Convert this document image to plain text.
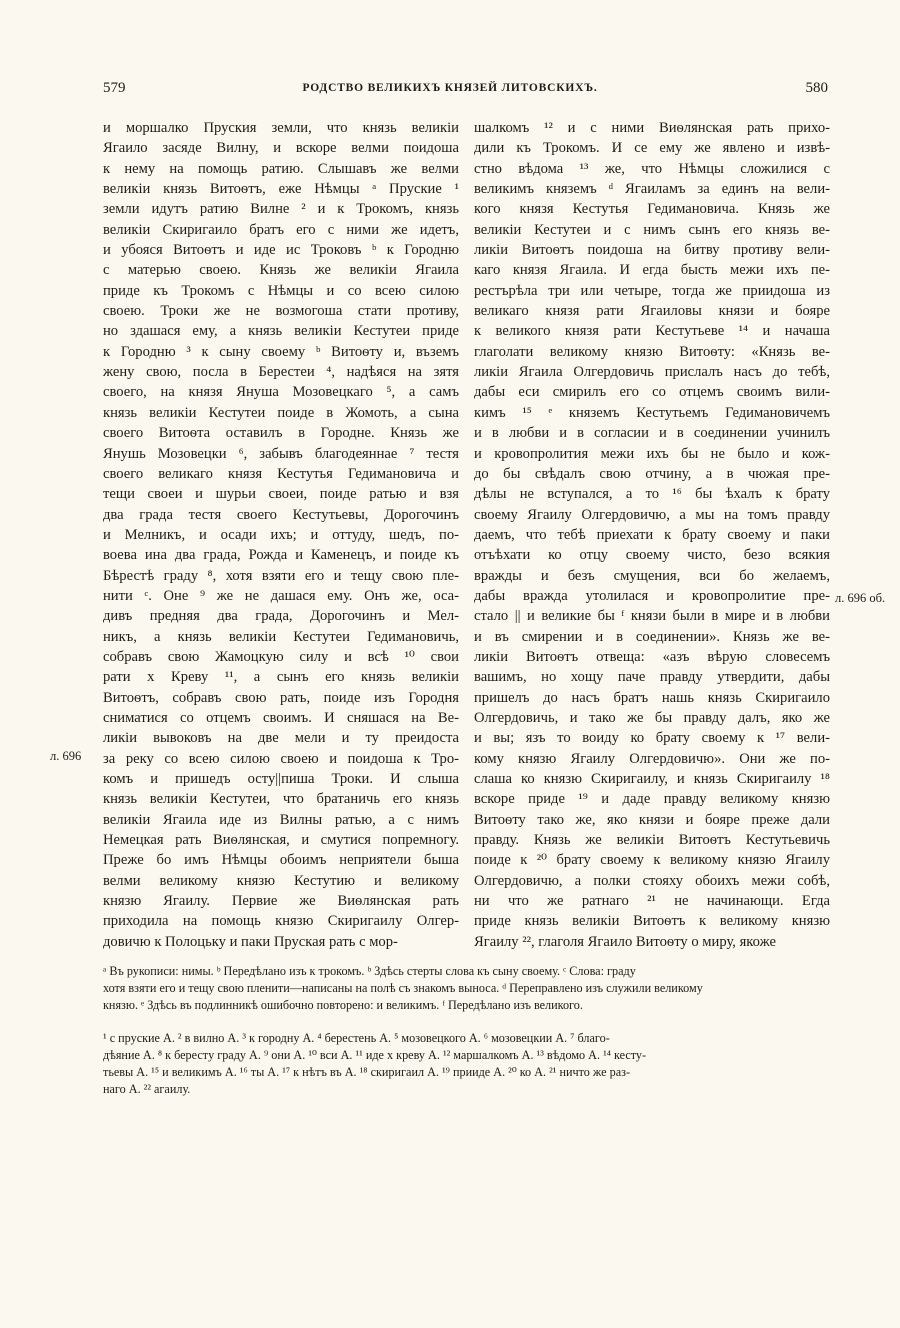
579	РОДСТВО ВЕЛИКИХЪ КНЯЗЕЙ ЛИТОВСКИХЪ.	580
и моршалко Пруския земли, что князь великiи
Ягаило засяде Вилну, и вскоре велми поидоша
к нему на помощь ратию. Слышавъ же велми
великiи князь Витоѳтъ, еже Нѣмцы ᵃ Прускиe ¹
земли идутъ ратию Вилне ² и к Трокомъ, князь
великiи Скиригаило братъ его с ними же идетъ,
и убояся Витоѳтъ и иде ис Троковъ ᵇ к Городню
с матерью своею. Князь же великiи Ягаила
приде къ Трокомъ с Нѣмцы и со всею силою
своею. Троки же не возмогоша стати противу,
но здашася ему, а князь великiи Кестутеи приде
к Городню ³ к сыну своему ᵇ Витоѳту и, въземъ
жену свою, посла в Берестеи ⁴, надѣяся на зятя
своего, на князя Януша Мозовецкаго ⁵, а самъ
князь великiи Кестутеи поиде в Жомоть, а сына
своего Витоѳта оставилъ в Городне. Князь же
Янушь Мозовецки ⁶, забывъ благодеяннае ⁷ тестя
своего великаго князя Кестутья Гедимановича и
тещи своеи и шурьи своеи, поиде ратью и взя
два града тестя своего Кестутьевы, Дорогочинъ
и Мелникъ, и осади ихъ; и оттуду, шедъ, по-
воева ина два града, Рожда и Каменецъ, и поиде къ
Бѣрестѣ граду ⁸, хотя взяти его и тещу свою пле-
нити ᶜ. Оне ⁹ же не дашася ему. Онъ же, оса-
дивъ предняя два града, Дорогочинъ и Мел-
никъ, а князь великiи Кестутеи Гедимановичь,
собравъ свою Жамоцкую силу и всѣ ¹⁰ свои
рати х Креву ¹¹, а сынъ его князь великiи
Витоѳтъ, собравъ свою рать, поиде изъ Городня
сниматися со отцемъ своимъ. И сняшася на Ве-
ликiи вывоковъ на две мели и ту преидоста
за реку со всею силою своею и поидоша к Тро-
комъ и пришедъ осту||пиша Троки. И слыша
князь великiи Кестутеи, что братаничь его князь
великiи Ягаила иде из Вилны ратью, а с нимъ
Немецкая рать Виѳлянская, и смутися попремногу.
Преже бо имъ Нѣмцы обоимъ неприятели быша
велми великому князю Кестутию и великому
князю Ягаилу. Первие же Виѳлянская рать
приходила на помощь князю Скиригаилу Олгер-
довичю к Полоцьку и паки Пруская рать с мор-
шалкомъ ¹² и с ними Виѳлянская рать прихо-
дили къ Трокомъ. И се ему же явлено и извѣ-
стно вѣдома ¹³ же, что Нѣмцы сложилися с
великимъ княземъ ᵈ Ягаиламъ за единъ на вели-
кого князя Кестутья Гедимановича. Князь же
великiи Кестутеи и с нимъ сынъ его князь ве-
ликiи Витоѳтъ поидоша на битву противу вели-
каго князя Ягаила. И егда бысть межи ихъ пе-
рестърѣла три или четыре, тогда же приидоша из
великаго князя рати Ягаиловы князи и бояре
к великого князя рати Кестутьеве ¹⁴ и начаша
глаголати великому князю Витоѳту: «Князь ве-
ликiи Ягаила Олгердовичь прислалъ насъ до тебѣ,
дабы еси смирилъ его со отцемъ своимъ вили-
кимъ ¹⁵ ᵉ княземъ Кестутьемъ Гедимановичемъ
и в любви и в согласии и в соединении учинилъ
и кровопролития межи ихъ бы не было и кож-
до бы свѣдалъ свою отчину, а в чюжая пре-
дѣлы не вступался, а то ¹⁶ бы ѣхалъ к брату
своему Ягаилу Олгердовичю, а мы на томъ правду
даемъ, что тебѣ приехати к брату своему и паки
отъѣхати ко отцу своему чисто, безо всякия
вражды и безъ смущения, вси бо желаемъ,
дабы вражда утолилася и кровопролитие пре-
стало || и великие бы ᶠ князи были в мире и в любви
и въ смирении и в соединении». Князь же ве-
ликiи Витоѳтъ отвеща: «азъ вѣрую словесемъ
вашимъ, но хощу паче правду утвердити, дабы
пришелъ до насъ братъ нашь князь Скиригаило
Олгердовичь, и тако же бы правду далъ, яко же
и вы; язъ то воиду ко брату своему к ¹⁷ вели-
кому князю Ягаилу Олгердовичю». Они же по-
слаша ко князю Скиригаилу, и князь Скиригаилу ¹⁸
вскоре приде ¹⁹ и даде правду великому князю
Витоѳту тако же, яко князи и бояре преже дали
правду. Князь же великiи Витоѳтъ Кестутьевичь
поиде к ²⁰ брату своему к великому князю Ягаилу
Олгердовичю, а полки стояху обоихъ межи собѣ,
ни что же ратнаго ²¹ не начинающи. Егда
приде князь великiи Витоѳтъ к великому князю
Ягаилу ²², глаголя Ягаило Витоѳту о миру, якоже
л. 696
л. 696 об.
ᵃ Въ рукописи: нимы. ᵇ Передѣлано изъ к трокомъ. ᵇ Здѣсь стерты слова къ сыну своему. ᶜ Слова: граду
хотя взяти его и тещу свою пленити—написаны на полѣ съ знакомъ выноса. ᵈ Переправлено изъ служили великому
князю. ᵉ Здѣсь въ подлинникѣ ошибочно повторено: и великимъ. ᶠ Передѣлано изъ великого.
¹ с пруские А. ² в вилно А. ³ к городну А. ⁴ берестень А. ⁵ мозовецкого А. ⁶ мозовецкии А. ⁷ благо-
дѣяние А. ⁸ к берестy граду А. ⁹ они А. ¹⁰ вси А. ¹¹ иде х креву А. ¹² маршалкомъ А. ¹³ вѣдомо А. ¹⁴ кесту-
тьевы А. ¹⁵ и великимъ А. ¹⁶ ты А. ¹⁷ к нѣтъ въ А. ¹⁸ скиригаил А. ¹⁹ прииде А. ²⁰ ко А. ²¹ ничто же раз-
наго А. ²² агаилу.
